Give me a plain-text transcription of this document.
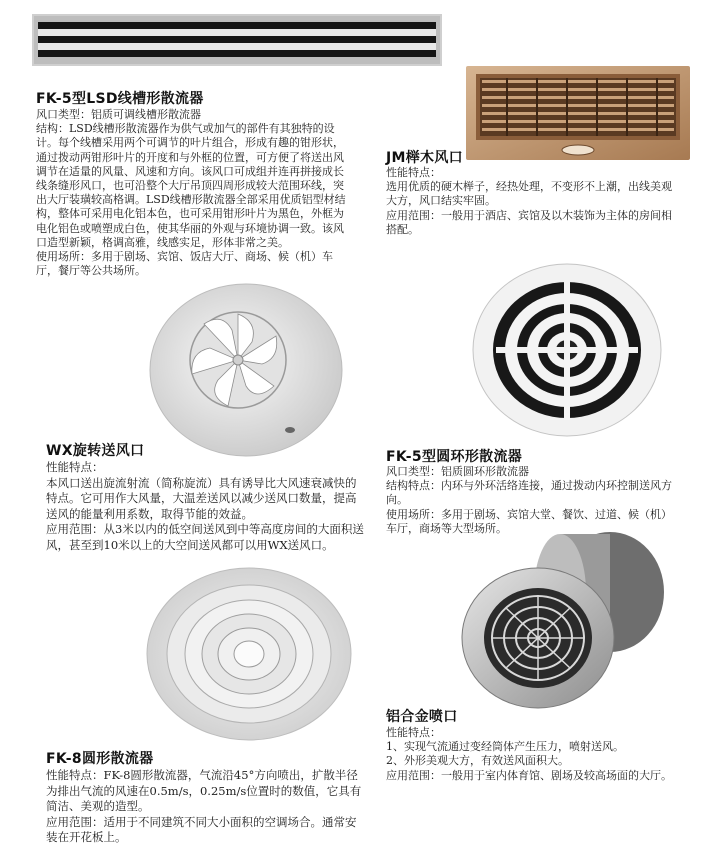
FK-5型LSD线槽形散流器

风口类型：铝质可调线槽形散流器

结构：LSD线槽形散流器作为供气或加气的部件有其独特的设计。每个线槽采用两个可调节的叶片组合，形成有趣的钳形状，通过拨动两钳形叶片的开度和与外框的位置，可方便了将送出风调节在适量的风量、风速和方向。该风口可成组并连再拼接成长线条缝形风口，也可沿整个大厅吊顶四周形成较大范围环线，突出大厅装璜较高格调。LSD线槽形散流器全部采用优质铝型材结构，整体可采用电化铝本色，也可采用钳形叶片为黑色，外框为电化铝色或喷塑成白色，使其华丽的外观与环境协调一致。该风口造型新颖，格调高雅，线感实足，形体非常之美。

使用场所：多用于剧场、宾馆、饭店大厅、商场、候（机）车厅，餐厅等公共场所。

JM榉木风口

性能特点：

选用优质的硬木榉子，经热处理，不变形不上潮，出线美观大方，风口结实牢固。

应用范围：一般用于酒店、宾馆及以木装饰为主体的房间相搭配。

WX旋转送风口

性能特点：

本风口送出旋流射流（简称旋流）具有诱导比大风速衰减快的特点。它可用作大风量，大温差送风以减少送风口数量，提高送风的能量利用系数，取得节能的效益。

应用范围：从3米以内的低空间送风到中等高度房间的大面积送风，甚至到10米以上的大空间送风都可以用WX送风口。

FK-5型圆环形散流器

风口类型：铝质圆环形散流器

结构特点：内环与外环活络连接，通过拨动内环控制送风方向。

使用场所：多用于剧场、宾馆大堂、餐饮、过道、候（机）车厅，商场等大型场所。

铝合金喷口

性能特点：

1、实现气流通过变经筒体产生压力，喷射送风。

2、外形美观大方，有效送风面积大。

应用范围：一般用于室内体育馆、剧场及较高场面的大厅。

FK-8圆形散流器

性能特点：FK-8圆形散流器，气流沿45°方向喷出，扩散半径为排出气流的风速在0.5m/s，0.25m/s位置时的数值，它具有简洁、美观的造型。

应用范围：适用于不同建筑不同大小面积的空调场合。通常安装在开花板上。
